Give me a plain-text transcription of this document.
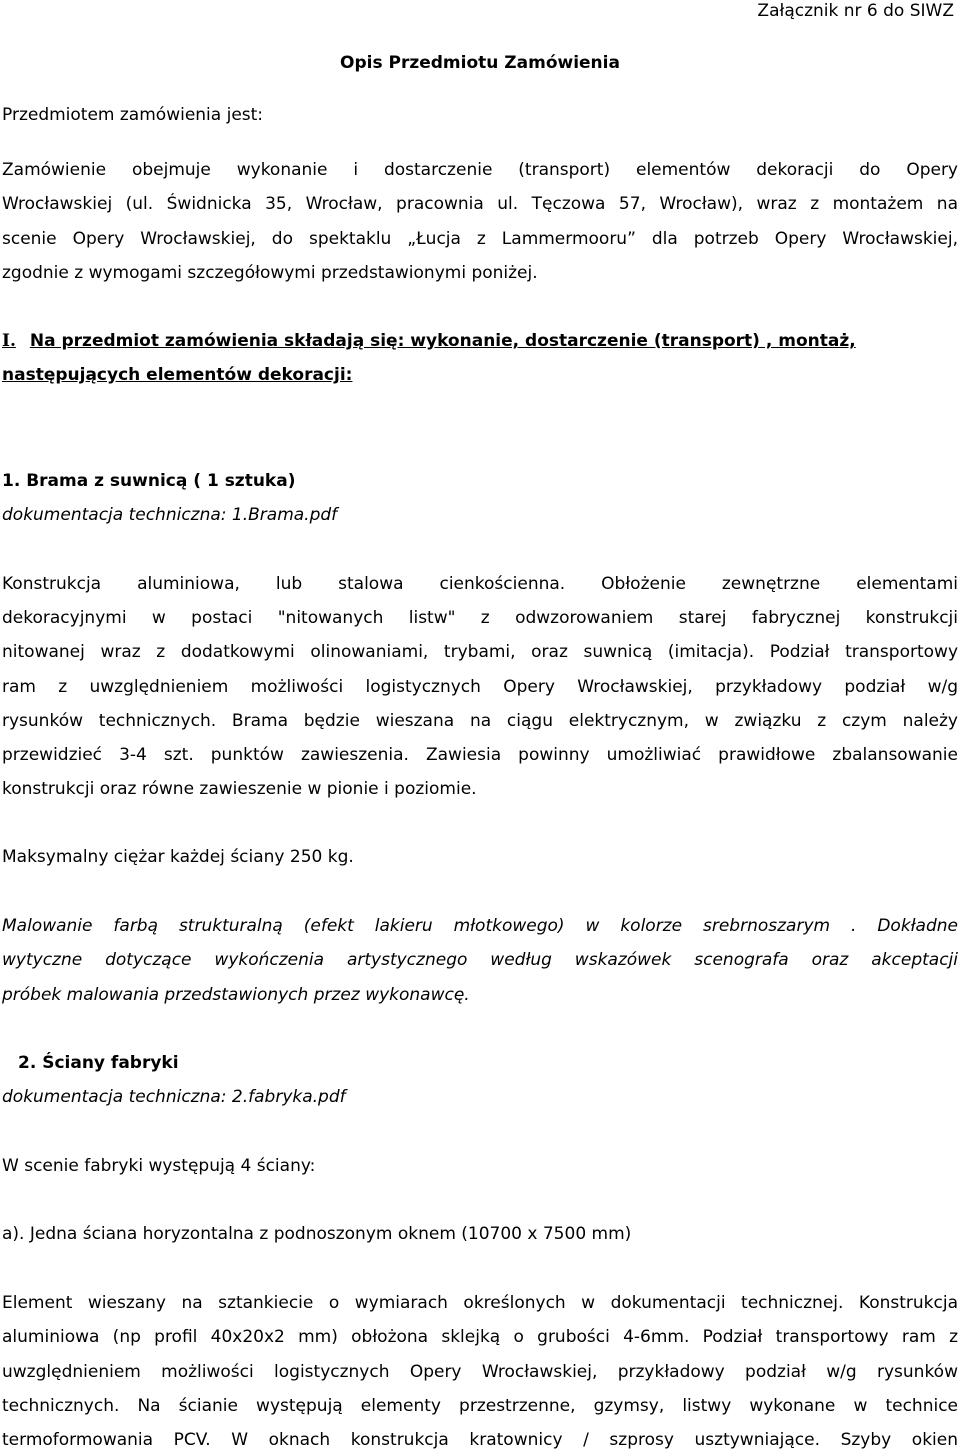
Załącznik nr 6 do SIWZ
Opis Przedmiotu Zamówienia
Przedmiotem zamówienia jest:
Zamówienie obejmuje wykonanie i dostarczenie (transport) elementów dekoracji do Opery
Wrocławskiej (ul. Świdnicka 35, Wrocław, pracownia ul. Tęczowa 57, Wrocław), wraz z montażem na
scenie Opery Wrocławskiej, do spektaklu „Łucja z Lammermooru” dla potrzeb Opery Wrocławskiej,
zgodnie z wymogami szczegółowymi przedstawionymi poniżej.
I. Na przedmiot zamówienia składają się: wykonanie, dostarczenie (transport) , montaż,
następujących elementów dekoracji:
1. Brama z suwnicą ( 1 sztuka)
dokumentacja techniczna: 1.Brama.pdf
Konstrukcja aluminiowa, lub stalowa cienkościenna. Obłożenie zewnętrzne elementami
dekoracyjnymi w postaci "nitowanych listw" z odwzorowaniem starej fabrycznej konstrukcji
nitowanej wraz z dodatkowymi olinowaniami, trybami, oraz suwnicą (imitacja). Podział transportowy
ram z uwzględnieniem możliwości logistycznych Opery Wrocławskiej, przykładowy podział w/g
rysunków technicznych. Brama będzie wieszana na ciągu elektrycznym, w związku z czym należy
przewidzieć 3-4 szt. punktów zawieszenia. Zawiesia powinny umożliwiać prawidłowe zbalansowanie
konstrukcji oraz równe zawieszenie w pionie i poziomie.
Maksymalny ciężar każdej ściany 250 kg.
Malowanie farbą strukturalną (efekt lakieru młotkowego) w kolorze srebrnoszarym . Dokładne
wytyczne dotyczące wykończenia artystycznego według wskazówek scenografa oraz akceptacji
próbek malowania przedstawionych przez wykonawcę.
2. Ściany fabryki
dokumentacja techniczna: 2.fabryka.pdf
W scenie fabryki występują 4 ściany:
a). Jedna ściana horyzontalna z podnoszonym oknem (10700 x 7500 mm)
Element wieszany na sztankiecie o wymiarach określonych w dokumentacji technicznej. Konstrukcja
aluminiowa (np profil 40x20x2 mm) obłożona sklejką o grubości 4-6mm. Podział transportowy ram z
uwzględnieniem możliwości logistycznych Opery Wrocławskiej, przykładowy podział w/g rysunków
technicznych. Na ścianie występują elementy przestrzenne, gzymsy, listwy wykonane w technice
termoformowania PCV. W oknach konstrukcja kratownicy / szprosy usztywniające. Szyby okien
